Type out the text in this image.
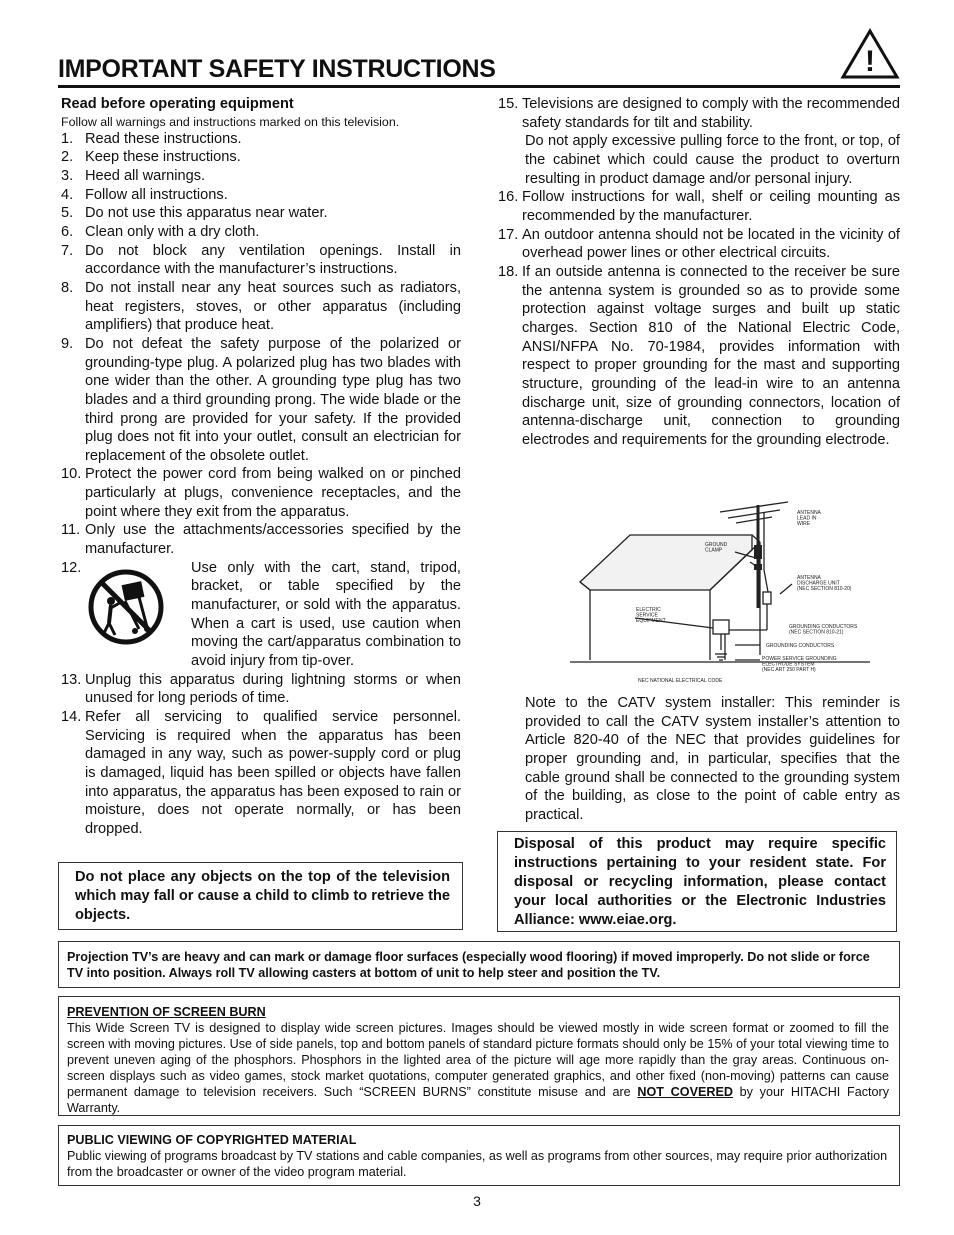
IMPORTANT SAFETY INSTRUCTIONS	!
Read before operating equipment
Follow all warnings and instructions marked on this television.
1. Read these instructions.
2. Keep these instructions.
3. Heed all warnings.
4. Follow all instructions.
5. Do not use this apparatus near water.
6. Clean only with a dry cloth.
7. Do not block any ventilation openings. Install in accordance with the manufacturer’s instructions.
8. Do not install near any heat sources such as radiators, heat registers, stoves, or other apparatus (including amplifiers) that produce heat.
9. Do not defeat the safety purpose of the polarized or grounding-type plug. A polarized plug has two blades with one wider than the other. A grounding type plug has two blades and a third grounding prong. The wide blade or the third prong are provided for your safety. If the provided plug does not fit into your outlet, consult an electrician for replacement of the obsolete outlet.
10. Protect the power cord from being walked on or pinched particularly at plugs, convenience receptacles, and the point where they exit from the apparatus.
11. Only use the attachments/accessories specified by the manufacturer.
12.	Use only with the cart, stand, tripod, bracket, or table specified by the manufacturer, or sold with the apparatus. When a cart is used, use caution when moving the cart/apparatus combination to avoid injury from tip-over.
13. Unplug this apparatus during lightning storms or when unused for long periods of time.
14. Refer all servicing to qualified service personnel. Servicing is required when the apparatus has been damaged in any way, such as power-supply cord or plug is damaged, liquid has been spilled or objects have fallen into apparatus, the apparatus has been exposed to rain or moisture, does not operate normally, or has been dropped.
15. Televisions are designed to comply with the recommended safety standards for tilt and stability.
Do not apply excessive pulling force to the front, or top, of the cabinet which could cause the product to overturn resulting in product damage and/or personal injury.
16. Follow instructions for wall, shelf or ceiling mounting as recommended by the manufacturer.
17. An outdoor antenna should not be located in the vicinity of overhead power lines or other electrical circuits.
18. If an outside antenna is connected to the receiver be sure the antenna system is grounded so as to provide some protection against voltage surges and built up static charges. Section 810 of the National Electric Code, ANSI/NFPA No. 70-1984, provides information with respect to proper grounding for the mast and supporting structure, grounding of the lead-in wire to an antenna discharge unit, size of grounding connectors, location of antenna-discharge unit, connection to grounding electrodes and requirements for the grounding electrode.
ANTENNA LEAD IN WIRE
GROUND CLAMP
ANTENNA DISCHARGE UNIT (NEC SECTION 810-20)
ELECTRIC SERVICE EQUIPMENT
GROUNDING CONDUCTORS (NEC SECTION 810-21)
GROUNDING CONDUCTORS
POWER SERVICE GROUNDING ELECTRODE SYSTEM (NEC ART 250 PART H)
NEC NATIONAL ELECTRICAL CODE
Note to the CATV system installer: This reminder is provided to call the CATV system installer’s attention to Article 820-40 of the NEC that provides guidelines for proper grounding and, in particular, specifies that the cable ground shall be connected to the grounding system of the building, as close to the point of cable entry as practical.
Do not place any objects on the top of the television which may fall or cause a child to climb to retrieve the objects.
Disposal of this product may require specific instructions pertaining to your resident state. For disposal or recycling information, please contact your local authorities or the Electronic Industries Alliance: www.eiae.org.
Projection TV’s are heavy and can mark or damage floor surfaces (especially wood flooring) if moved improperly. Do not slide or force TV into position. Always roll TV allowing casters at bottom of unit to help steer and position the TV.
PREVENTION OF SCREEN BURN
This Wide Screen TV is designed to display wide screen pictures. Images should be viewed mostly in wide screen format or zoomed to fill the screen with moving pictures. Use of side panels, top and bottom panels of standard picture formats should only be 15% of your total viewing time to prevent uneven aging of the phosphors. Phosphors in the lighted area of the picture will age more rapidly than the gray areas. Continuous on-screen displays such as video games, stock market quotations, computer generated graphics, and other fixed (non-moving) patterns can cause permanent damage to television receivers. Such “SCREEN BURNS” constitute misuse and are NOT COVERED by your HITACHI Factory Warranty.
PUBLIC VIEWING OF COPYRIGHTED MATERIAL
Public viewing of programs broadcast by TV stations and cable companies, as well as programs from other sources, may require prior authorization from the broadcaster or owner of the video program material.
3
